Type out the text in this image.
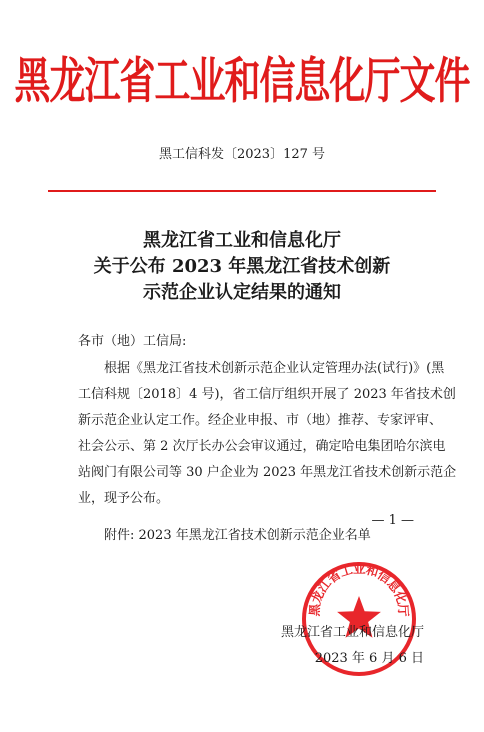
黑龙江省工业和信息化厅文件
黑工信科发〔2023〕127 号
黑龙江省工业和信息化厅
关于公布 2023 年黑龙江省技术创新
示范企业认定结果的通知
各市（地）工信局:
根据《黑龙江省技术创新示范企业认定管理办法(试行)》(黑
工信科规〔2018〕4 号)，省工信厅组织开展了 2023 年省技术创
新示范企业认定工作。经企业申报、市（地）推荐、专家评审、
社会公示、第 2 次厅长办公会审议通过，确定哈电集团哈尔滨电
站阀门有限公司等 30 户企业为 2023 年黑龙江省技术创新示范企
业，现予公布。
— 1 —
附件: 2023 年黑龙江省技术创新示范企业名单
黑龙江省工业和信息化厅
黑龙江省工业和信息化厅
2023 年 6 月 6 日
